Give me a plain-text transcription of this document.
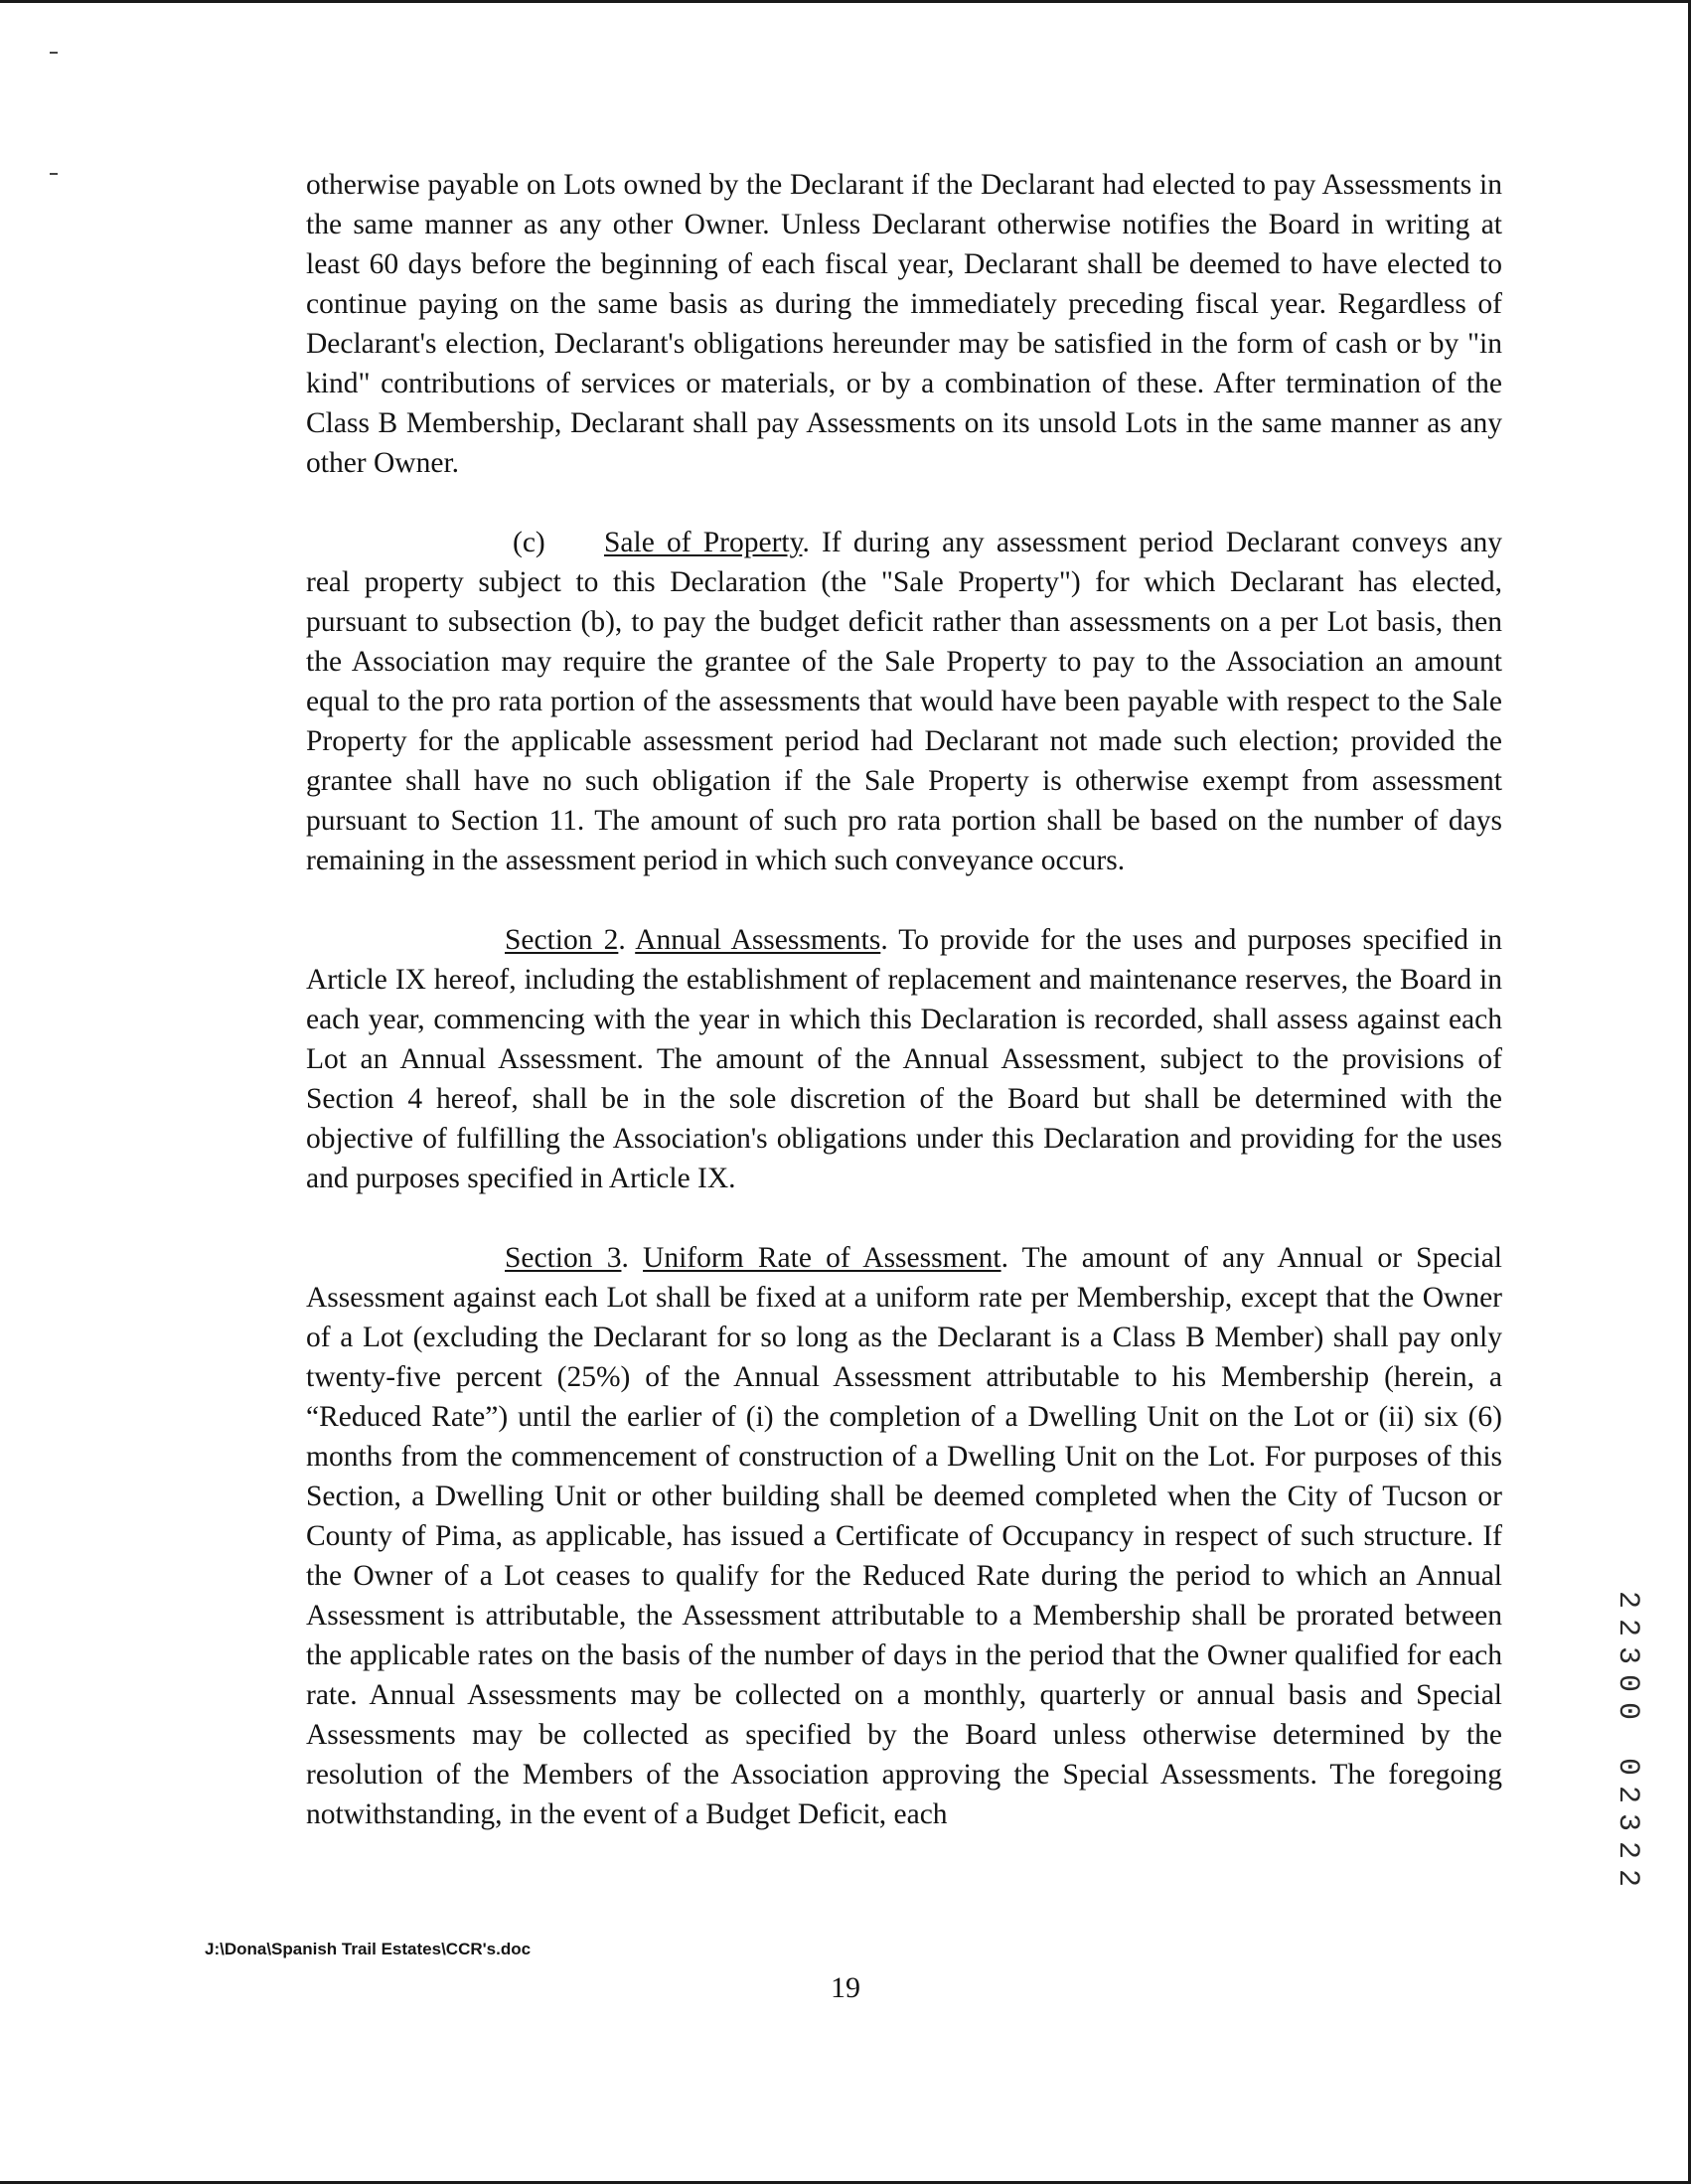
otherwise payable on Lots owned by the Declarant if the Declarant had elected to pay Assessments in the same manner as any other Owner. Unless Declarant otherwise notifies the Board in writing at least 60 days before the beginning of each fiscal year, Declarant shall be deemed to have elected to continue paying on the same basis as during the immediately preceding fiscal year. Regardless of Declarant's election, Declarant's obligations hereunder may be satisfied in the form of cash or by "in kind" contributions of services or materials, or by a combination of these. After termination of the Class B Membership, Declarant shall pay Assessments on its unsold Lots in the same manner as any other Owner.

(c) Sale of Property. If during any assessment period Declarant conveys any real property subject to this Declaration (the "Sale Property") for which Declarant has elected, pursuant to subsection (b), to pay the budget deficit rather than assessments on a per Lot basis, then the Association may require the grantee of the Sale Property to pay to the Association an amount equal to the pro rata portion of the assessments that would have been payable with respect to the Sale Property for the applicable assessment period had Declarant not made such election; provided the grantee shall have no such obligation if the Sale Property is otherwise exempt from assessment pursuant to Section 11. The amount of such pro rata portion shall be based on the number of days remaining in the assessment period in which such conveyance occurs.

Section 2. Annual Assessments. To provide for the uses and purposes specified in Article IX hereof, including the establishment of replacement and maintenance reserves, the Board in each year, commencing with the year in which this Declaration is recorded, shall assess against each Lot an Annual Assessment. The amount of the Annual Assessment, subject to the provisions of Section 4 hereof, shall be in the sole discretion of the Board but shall be determined with the objective of fulfilling the Association's obligations under this Declaration and providing for the uses and purposes specified in Article IX.

Section 3. Uniform Rate of Assessment. The amount of any Annual or Special Assessment against each Lot shall be fixed at a uniform rate per Membership, except that the Owner of a Lot (excluding the Declarant for so long as the Declarant is a Class B Member) shall pay only twenty-five percent (25%) of the Annual Assessment attributable to his Membership (herein, a “Reduced Rate”) until the earlier of (i) the completion of a Dwelling Unit on the Lot or (ii) six (6) months from the commencement of construction of a Dwelling Unit on the Lot. For purposes of this Section, a Dwelling Unit or other building shall be deemed completed when the City of Tucson or County of Pima, as applicable, has issued a Certificate of Occupancy in respect of such structure. If the Owner of a Lot ceases to qualify for the Reduced Rate during the period to which an Annual Assessment is attributable, the Assessment attributable to a Membership shall be prorated between the applicable rates on the basis of the number of days in the period that the Owner qualified for each rate. Annual Assessments may be collected on a monthly, quarterly or annual basis and Special Assessments may be collected as specified by the Board unless otherwise determined by the resolution of the Members of the Association approving the Special Assessments. The foregoing notwithstanding, in the event of a Budget Deficit, each

J:\Dona\Spanish Trail Estates\CCR's.doc
19
22300 02322
